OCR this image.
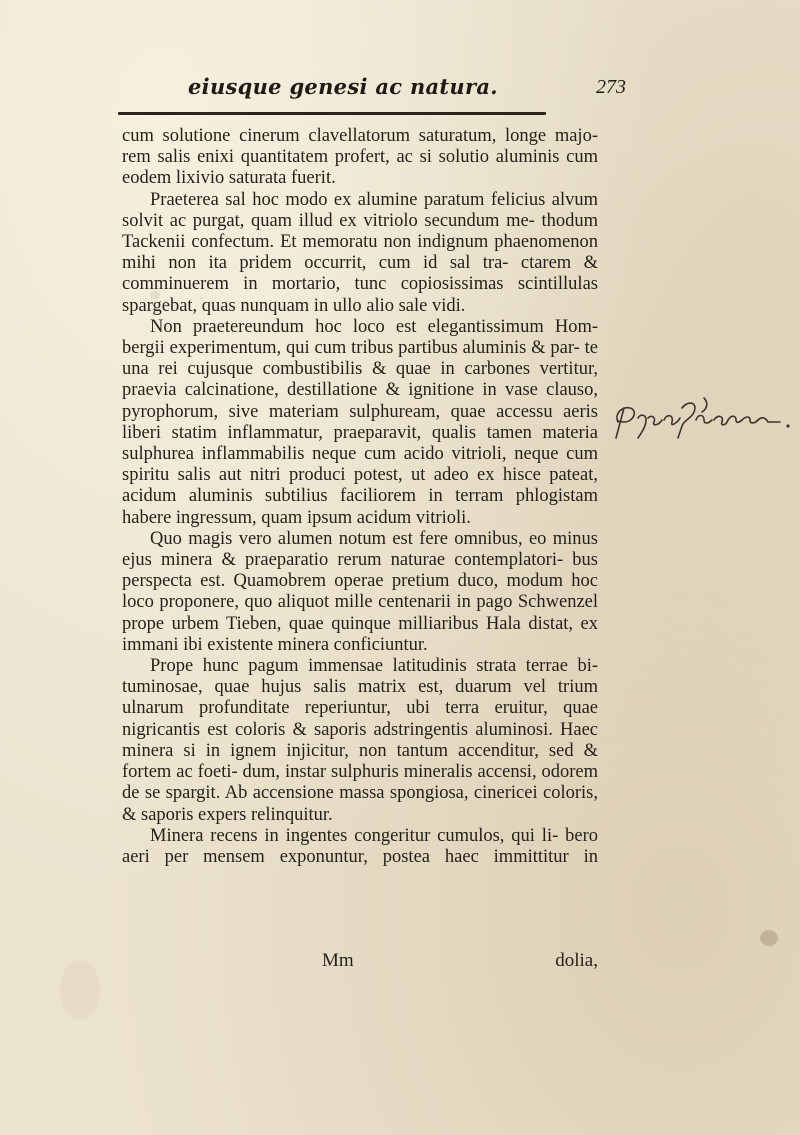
eiusque genesi ac natura.	273

cum solutione cinerum clavellatorum saturatum, longe majo- rem salis enixi quantitatem profert, ac si solutio aluminis cum eodem lixivio saturata fuerit.

Praeterea sal hoc modo ex alumine paratum felicius alvum solvit ac purgat, quam illud ex vitriolo secundum me- thodum Tackenii confectum. Et memoratu non indignum phaenomenon mihi non ita pridem occurrit, cum id sal tra- ctarem & comminuerem in mortario, tunc copiosissimas scintillulas spargebat, quas nunquam in ullo alio sale vidi.

Non praetereundum hoc loco est elegantissimum Hom- bergii experimentum, qui cum tribus partibus aluminis & par- te una rei cujusque combustibilis & quae in carbones vertitur, praevia calcinatione, destillatione & ignitione in vase clauso, pyrophorum, sive materiam sulphuream, quae accessu aeris liberi statim inflammatur, praeparavit, qualis tamen materia sulphurea inflammabilis neque cum acido vitrioli, neque cum spiritu salis aut nitri produci potest, ut adeo ex hisce pateat, acidum aluminis subtilius faciliorem in terram phlogistam habere ingressum, quam ipsum acidum vitrioli.

Quo magis vero alumen notum est fere omnibus, eo minus ejus minera & praeparatio rerum naturae contemplatori- bus perspecta est. Quamobrem operae pretium duco, modum hoc loco proponere, quo aliquot mille centenarii in pago Schwenzel prope urbem Tieben, quae quinque milliaribus Hala distat, ex immani ibi existente minera conficiuntur.

Prope hunc pagum immensae latitudinis strata terrae bi- tuminosae, quae hujus salis matrix est, duarum vel trium ulnarum profunditate reperiuntur, ubi terra eruitur, quae nigricantis est coloris & saporis adstringentis aluminosi. Haec minera si in ignem injicitur, non tantum accenditur, sed & fortem ac foeti- dum, instar sulphuris mineralis accensi, odorem de se spargit. Ab accensione massa spongiosa, cinericei coloris, & saporis expers relinquitur.

Minera recens in ingentes congeritur cumulos, qui li- bero aeri per mensem exponuntur, postea haec immittitur in

Mm	dolia,
